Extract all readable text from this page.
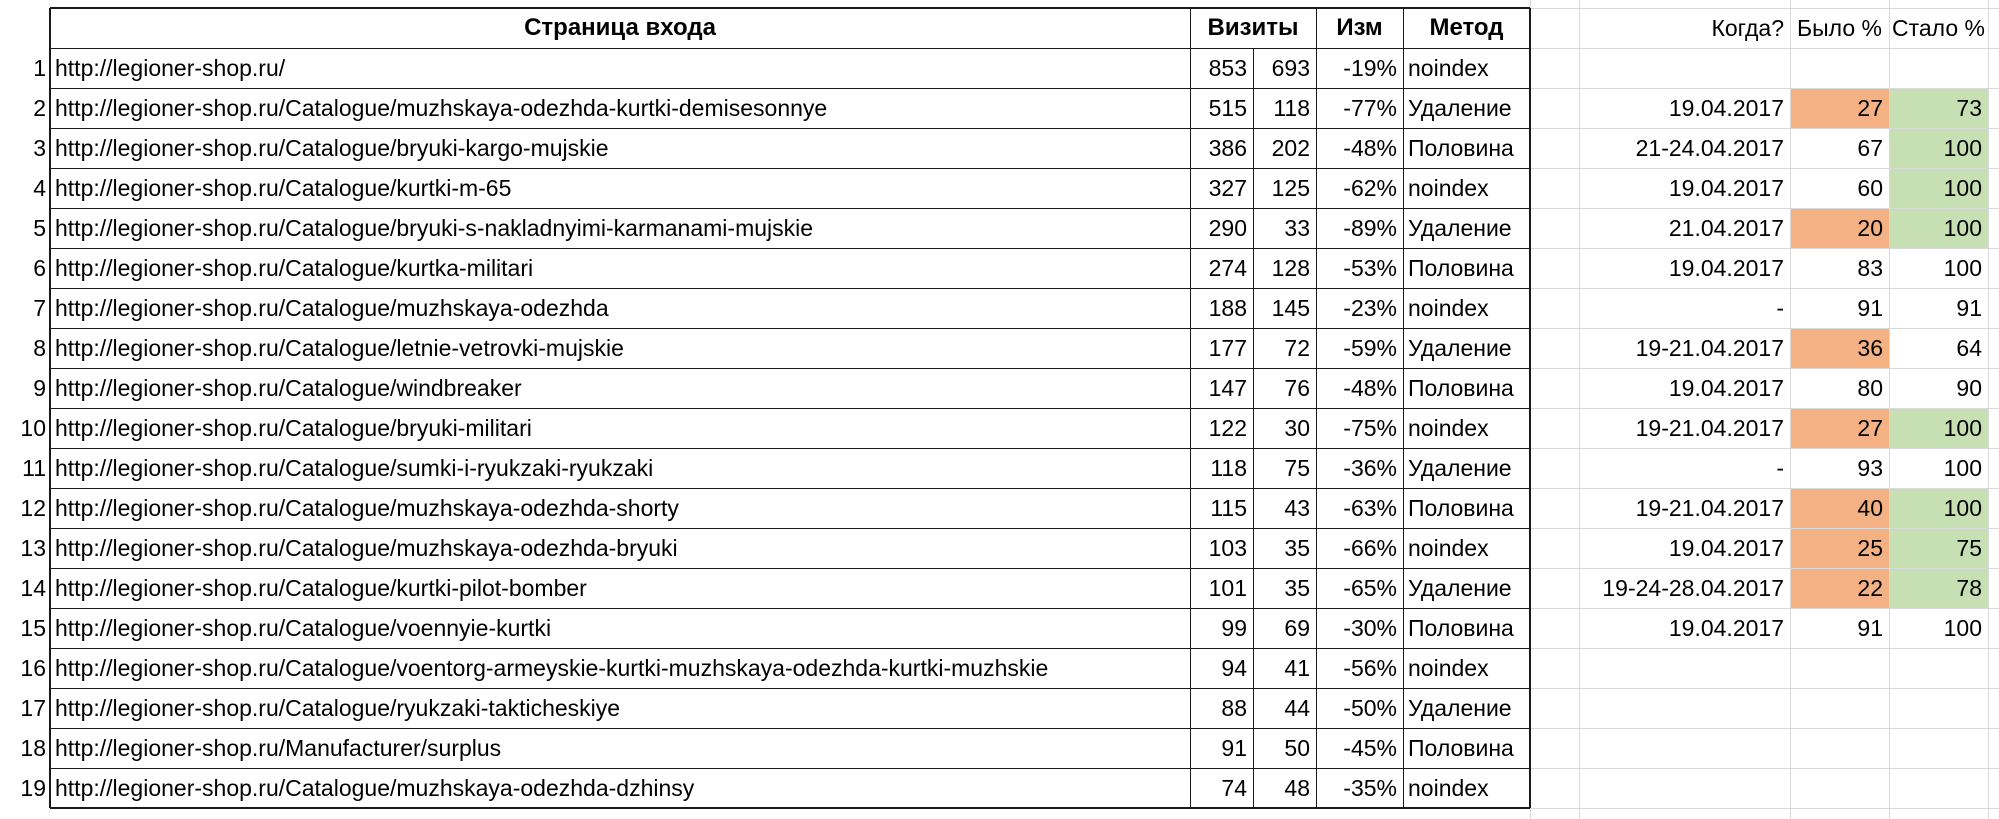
Страница входа	Визиты	Изм	Метод	Когда? Было % Стало %
1 http://legioner-shop.ru/	853	693	-19% noindex
2 http://legioner-shop.ru/Catalogue/muzhskaya-odezhda-kurtki-demisesonnye	515	118	-77% Удаление	19.04.2017	27	73
3 http://legioner-shop.ru/Catalogue/bryuki-kargo-mujskie	386	202	-48% Половина	21-24.04.2017	67	100
4 http://legioner-shop.ru/Catalogue/kurtki-m-65	327	125	-62% noindex	19.04.2017	60	100
5 http://legioner-shop.ru/Catalogue/bryuki-s-nakladnyimi-karmanami-mujskie	290	33	-89% Удаление	21.04.2017	20	100
6 http://legioner-shop.ru/Catalogue/kurtka-militari	274	128	-53% Половина	19.04.2017	83	100
7 http://legioner-shop.ru/Catalogue/muzhskaya-odezhda	188	145	-23% noindex	-	91	91
8 http://legioner-shop.ru/Catalogue/letnie-vetrovki-mujskie	177	72	-59% Удаление	19-21.04.2017	36	64
9 http://legioner-shop.ru/Catalogue/windbreaker	147	76	-48% Половина	19.04.2017	80	90
10 http://legioner-shop.ru/Catalogue/bryuki-militari	122	30	-75% noindex	19-21.04.2017	27	100
11 http://legioner-shop.ru/Catalogue/sumki-i-ryukzaki-ryukzaki	118	75	-36% Удаление	-	93	100
12 http://legioner-shop.ru/Catalogue/muzhskaya-odezhda-shorty	115	43	-63% Половина	19-21.04.2017	40	100
13 http://legioner-shop.ru/Catalogue/muzhskaya-odezhda-bryuki	103	35	-66% noindex	19.04.2017	25	75
14 http://legioner-shop.ru/Catalogue/kurtki-pilot-bomber	101	35	-65% Удаление	19-24-28.04.2017	22	78
15 http://legioner-shop.ru/Catalogue/voennyie-kurtki	99	69	-30% Половина	19.04.2017	91	100
16 http://legioner-shop.ru/Catalogue/voentorg-armeyskie-kurtki-muzhskaya-odezhda-kurtki-muzhskie	94	41	-56% noindex
17 http://legioner-shop.ru/Catalogue/ryukzaki-takticheskiye	88	44	-50% Удаление
18 http://legioner-shop.ru/Manufacturer/surplus	91	50	-45% Половина
19 http://legioner-shop.ru/Catalogue/muzhskaya-odezhda-dzhinsy	74	48	-35% noindex
